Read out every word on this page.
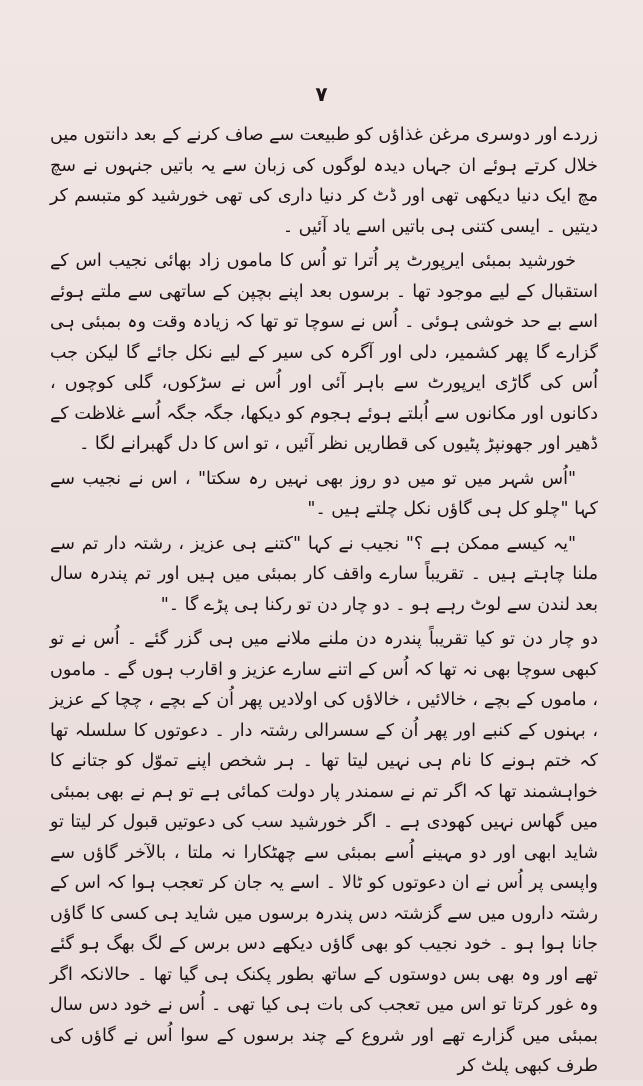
۷

زردے اور دوسری مرغن غذاؤں کو طبیعت سے صاف کرنے کے بعد دانتوں میں خلال کرتے ہوئے ان جہاں دیدہ لوگوں کی زبان سے یہ باتیں جنہوں نے سچ مچ ایک دنیا دیکھی تھی اور ڈٹ کر دنیا داری کی تھی خورشید کو متبسم کر دیتیں ۔ ایسی کتنی ہی باتیں اسے یاد آئیں ۔

خورشید بمبئی ایرپورٹ پر اُترا تو اُس کا ماموں زاد بھائی نجیب اس کے استقبال کے لیے موجود تھا ۔ برسوں بعد اپنے بچپن کے ساتھی سے ملتے ہوئے اسے بے حد خوشی ہوئی ۔ اُس نے سوچا تو تھا کہ زیادہ وقت وہ بمبئی ہی گزارے گا پھر کشمیر، دلی اور آگرہ کی سیر کے لیے نکل جائے گا لیکن جب اُس کی گاڑی ایرپورٹ سے باہر آئی اور اُس نے سڑکوں، گلی کوچوں ، دکانوں اور مکانوں سے اُبلتے ہوئے ہجوم کو دیکھا، جگہ جگہ اُسے غلاظت کے ڈھیر اور جھونپڑ پٹیوں کی قطاریں نظر آئیں ، تو اس کا دل گھبرانے لگا ۔

"اُس شہر میں تو میں دو روز بھی نہیں رہ سکتا" ، اس نے نجیب سے کہا "چلو کل ہی گاؤں نکل چلتے ہیں ۔"

"یہ کیسے ممکن ہے ؟" نجیب نے کہا "کتنے ہی عزیز ، رشتہ دار تم سے ملنا چاہتے ہیں ۔ تقریباً سارے واقف کار بمبئی میں ہیں اور تم پندرہ سال بعد لندن سے لوٹ رہے ہو ۔ دو چار دن تو رکنا ہی پڑے گا ۔"

دو چار دن تو کیا تقریباً پندرہ دن ملنے ملانے میں ہی گزر گئے ۔ اُس نے تو کبھی سوچا بھی نہ تھا کہ اُس کے اتنے سارے عزیز و اقارب ہوں گے ۔ ماموں ، ماموں کے بچے ، خالائیں ، خالاؤں کی اولادیں پھر اُن کے بچے ، چچا کے عزیز ، بہنوں کے کنبے اور پھر اُن کے سسرالی رشتہ دار ۔ دعوتوں کا سلسلہ تھا کہ ختم ہونے کا نام ہی نہیں لیتا تھا ۔ ہر شخص اپنے تموّل کو جتانے کا خواہشمند تھا کہ اگر تم نے سمندر پار دولت کمائی ہے تو ہم نے بھی بمبئی میں گھاس نہیں کھودی ہے ۔ اگر خورشید سب کی دعوتیں قبول کر لیتا تو شاید ابھی اور دو مہینے اُسے بمبئی سے چھٹکارا نہ ملتا ، بالآخر گاؤں سے واپسی پر اُس نے ان دعوتوں کو ٹالا ۔ اسے یہ جان کر تعجب ہوا کہ اس کے رشتہ داروں میں سے گزشتہ دس پندرہ برسوں میں شاید ہی کسی کا گاؤں جانا ہوا ہو ۔ خود نجیب کو بھی گاؤں دیکھے دس برس کے لگ بھگ ہو گئے تھے اور وہ بھی بس دوستوں کے ساتھ بطور پکنک ہی گیا تھا ۔ حالانکہ اگر وہ غور کرتا تو اس میں تعجب کی بات ہی کیا تھی ۔ اُس نے خود دس سال بمبئی میں گزارے تھے اور شروع کے چند برسوں کے سوا اُس نے گاؤں کی طرف کبھی پلٹ کر
